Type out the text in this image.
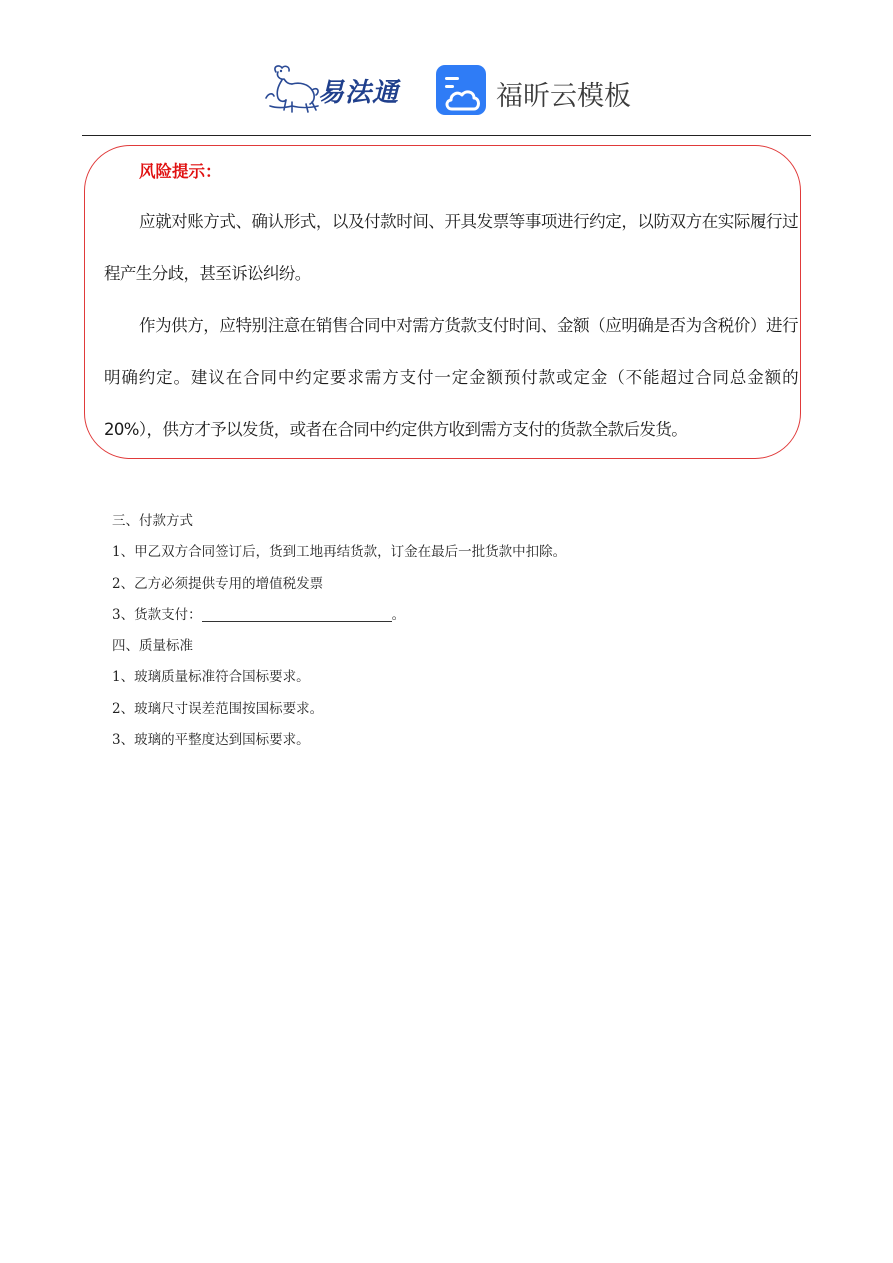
易法通	福昕云模板
风险提示：
应就对账方式、确认形式，以及付款时间、开具发票等事项进行约定，以防双方在实际履行过程产生分歧，甚至诉讼纠纷。
作为供方，应特别注意在销售合同中对需方货款支付时间、金额（应明确是否为含税价）进行明确约定。建议在合同中约定要求需方支付一定金额预付款或定金（不能超过合同总金额的 20%），供方才予以发货，或者在合同中约定供方收到需方支付的货款全款后发货。
三、付款方式
1、甲乙双方合同签订后，货到工地再结货款，订金在最后一批货款中扣除。
2、乙方必须提供专用的增值税发票
3、货款支付：	。
四、质量标准
1、玻璃质量标准符合国标要求。
2、玻璃尺寸误差范围按国标要求。
3、玻璃的平整度达到国标要求。
